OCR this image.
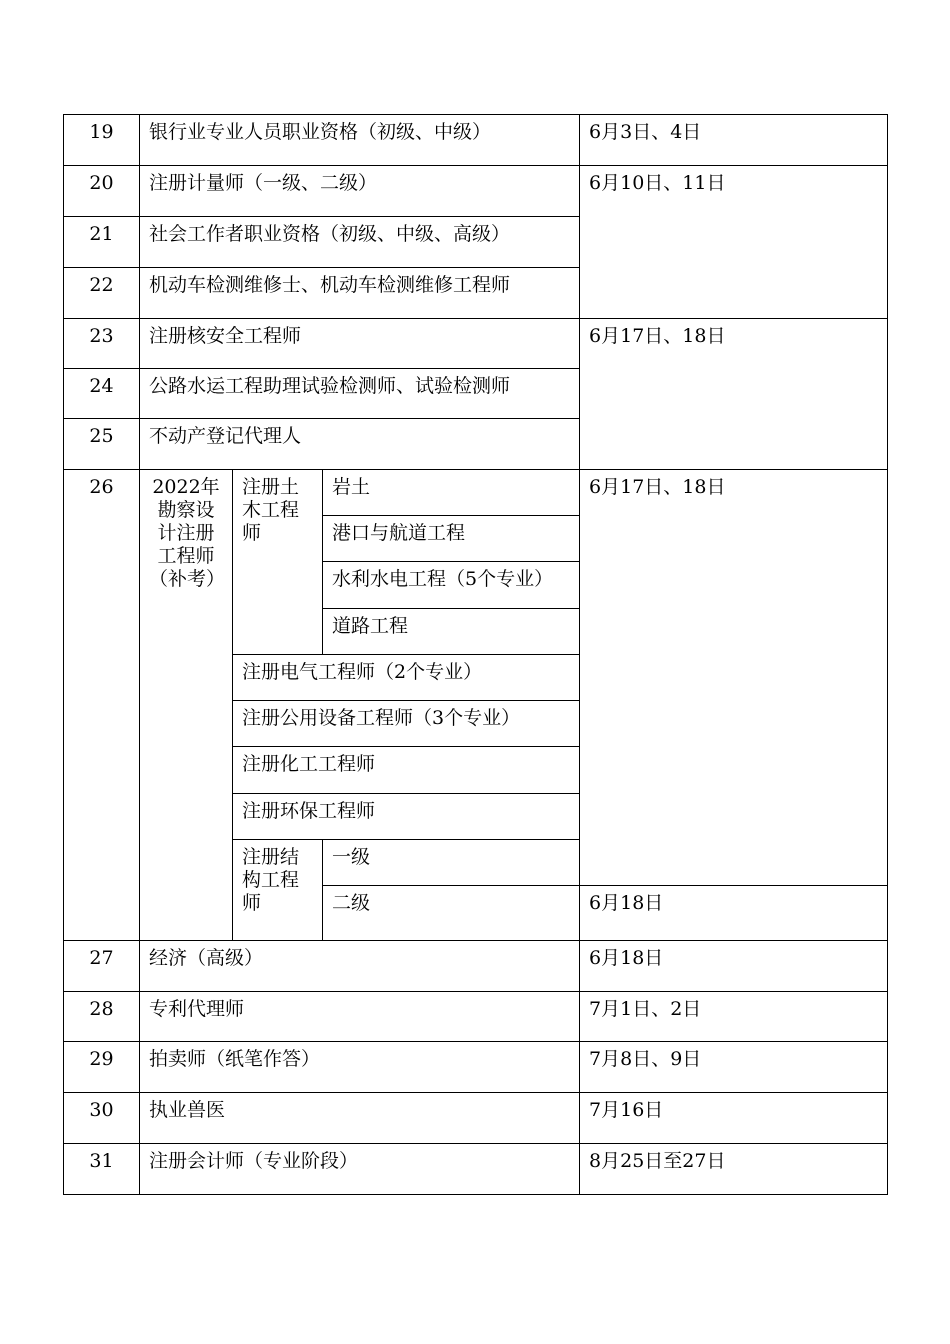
19	银行业专业人员职业资格（初级、中级）			6月3日、4日
20	注册计量师（一级、二级）			6月10日、11日
21	社会工作者职业资格（初级、中级、高级）			
22	机动车检测维修士、机动车检测维修工程师			
23	注册核安全工程师			6月17日、18日
24	公路水运工程助理试验检测师、试验检测师			
25	不动产登记代理人			
26	2022年勘察设计注册工程师（补考）	注册土木工程师	岩土	6月17日、18日
			港口与航道工程	
			水利水电工程（5个专业）	
			道路工程	
		注册电气工程师（2个专业）		
		注册公用设备工程师（3个专业）		
		注册化工工程师		
		注册环保工程师		
		注册结构工程师	一级	
			二级	6月18日
27	经济（高级）			6月18日
28	专利代理师			7月1日、2日
29	拍卖师（纸笔作答）			7月8日、9日
30	执业兽医			7月16日
31	注册会计师（专业阶段）			8月25日至27日
